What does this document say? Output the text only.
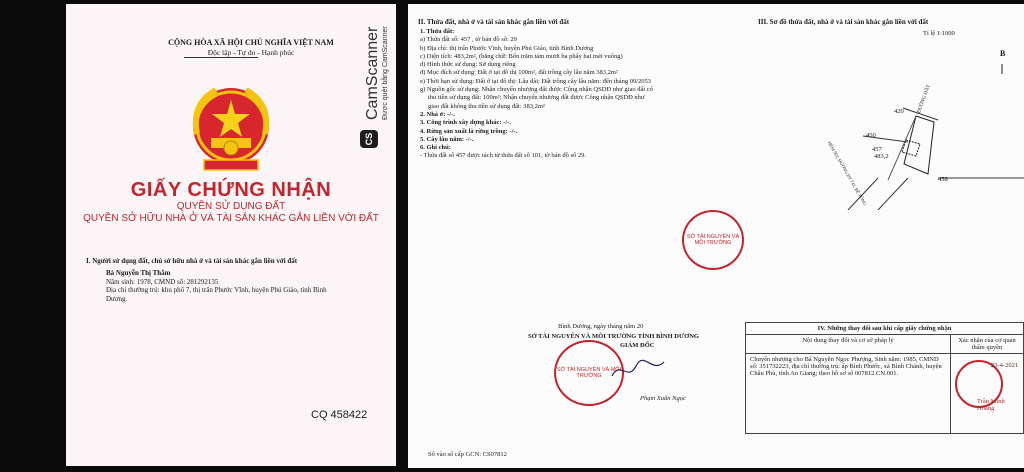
CỘNG HÒA XÃ HỘI CHỦ NGHĨA VIỆT NAM
Độc lập - Tự do - Hạnh phúc
GIẤY CHỨNG NHẬN
QUYỀN SỬ DỤNG ĐẤT
QUYỀN SỞ HỮU NHÀ Ở VÀ TÀI SẢN KHÁC GẮN LIỀN VỚI ĐẤT
I. Người sử dụng đất, chủ sở hữu nhà ở và tài sản khác gắn liền với đất
Bà Nguyễn Thị Thắm
Năm sinh: 1978, CMND số: 281292135
Địa chỉ thường trú: khu phố 7, thị trấn Phước Vĩnh, huyện Phú Giáo, tỉnh Bình
Dương.
CQ 458422
CS
CamScanner Được quét bằng CamScanner
II. Thửa đất, nhà ở và tài sản khác gắn liền với đất
1. Thửa đất:
a) Thửa đất số: 457 , tờ bản đồ số: 29
b) Địa chỉ: thị trấn Phước Vĩnh, huyện Phú Giáo, tỉnh Bình Dương
c) Diện tích: 483,2m², (bằng chữ: Bốn trăm tám mươi ba phẩy hai mét vuông)
d) Hình thức sử dụng: Sử dụng riêng
đ) Mục đích sử dụng: Đất ở tại đô thị 100m², đất trồng cây lâu năm 383,2m²
e) Thời hạn sử dụng: Đất ở tại đô thị: Lâu dài; Đất trồng cây lâu năm: đến tháng 09/2053
g) Nguồn gốc sử dụng: Nhận chuyển nhượng đất được Công nhận QSDĐ như giao đất có
thu tiền sử dụng đất: 100m²; Nhận chuyển nhượng đất được Công nhận QSDĐ như
giao đất không thu tiền sử dụng đất: 383,2m²
2. Nhà ở: -/-.
3. Công trình xây dựng khác: -/-.
4. Rừng sản xuất là rừng trồng: -/-.
5. Cây lâu năm: -/-.
6. Ghi chú:
- Thửa đất số 457 được tách từ thửa đất số 101, tờ bản đồ số 29.
III. Sơ đồ thửa đất, nhà ở và tài sản khác gắn liền với đất
Tỉ lệ 1:1000
B
420
450
457
483,2
458
ĐƯỜNG ĐẤT
HẺM 902, ĐƯỜNG ĐT 741, BÊ TÔNG
SỞ TÀI NGUYÊN VÀ MÔI TRƯỜNG
SỞ TÀI NGUYÊN VÀ MÔI TRƯỜNG
Bình Dương, ngày tháng năm 20
SỞ TÀI NGUYÊN VÀ MÔI TRƯỜNG TỈNH BÌNH DƯƠNG
GIÁM ĐỐC
Phạm Xuân Ngọc
Số vào sổ cấp GCN: CS07812
IV. Những thay đổi sau khi cấp giấy chứng nhận	
Nội dung thay đổi và cơ sở pháp lý	Xác nhận của cơ quan thẩm quyền
Chuyển nhượng cho Bà Nguyễn Ngọc Phượng, Sinh năm: 1985, CMND số: 351732223, địa chỉ thường trú: ấp Bình Phước, xã Bình Chánh, huyện Châu Phú, tỉnh An Giang; theo hồ sơ số 007812.CN.001.	23-4-2021
Trần Minh Hoàng
